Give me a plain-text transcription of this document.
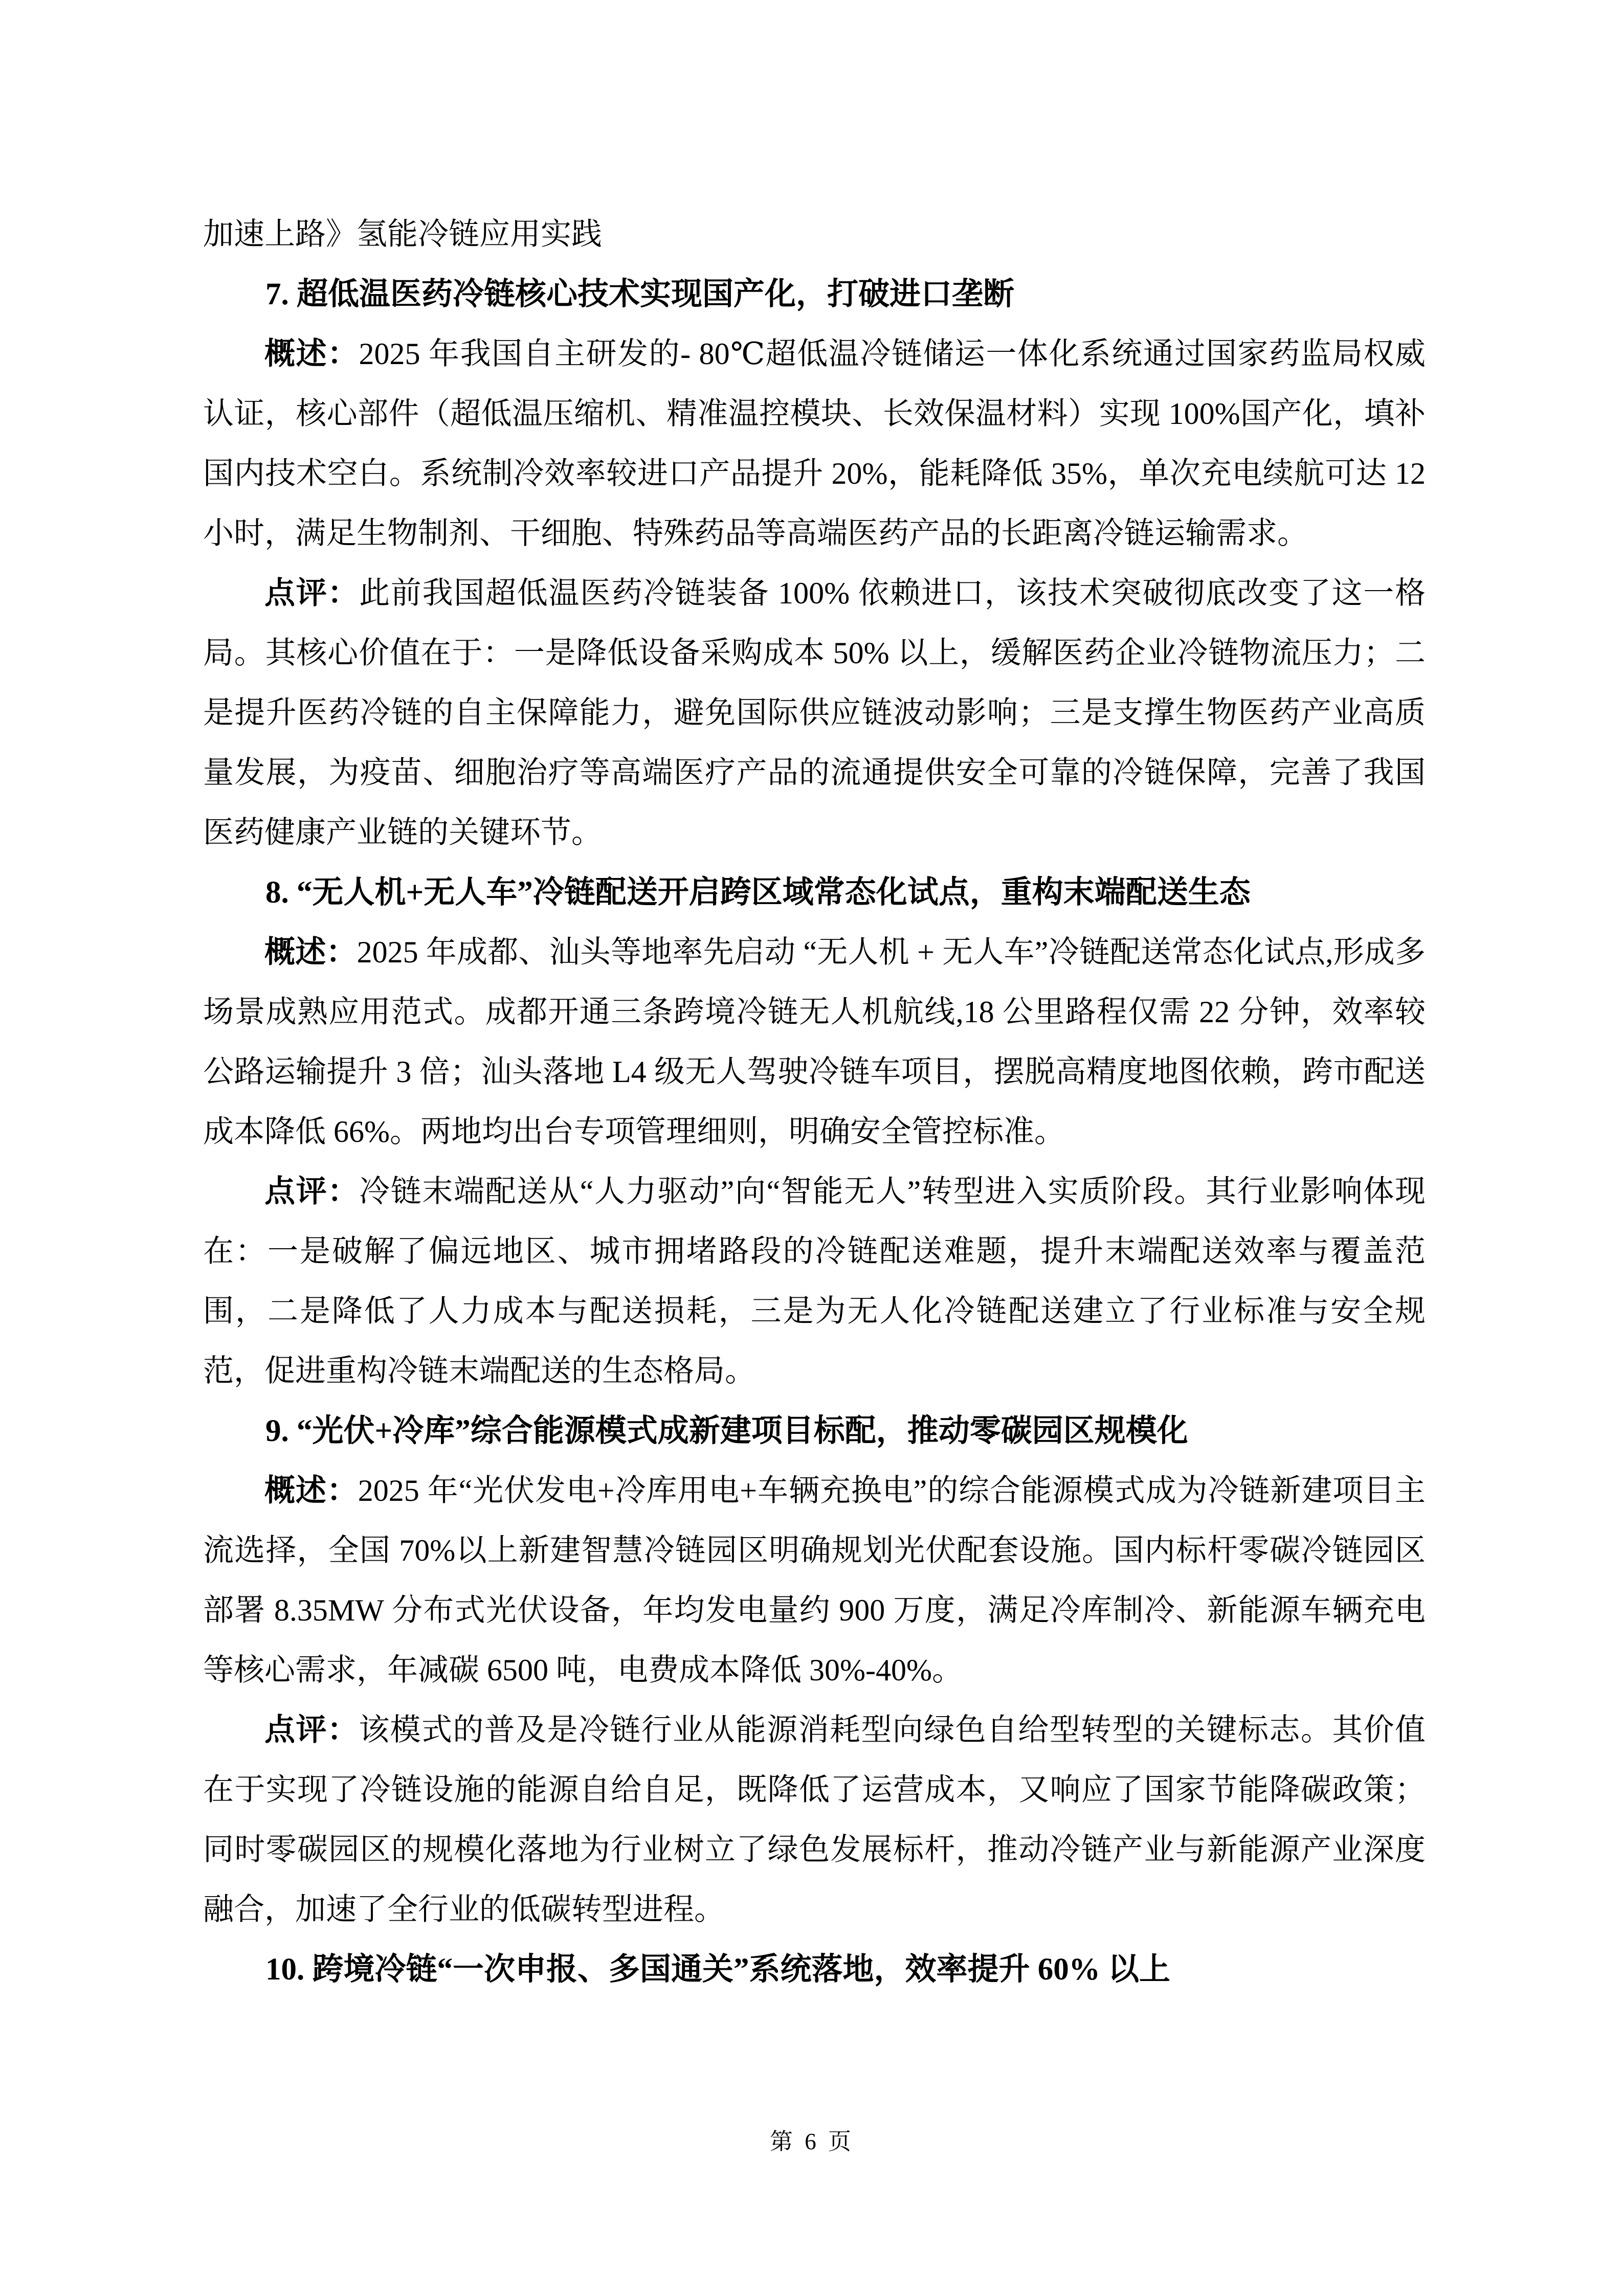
加速上路》氢能冷链应用实践

7. 超低温医药冷链核心技术实现国产化，打破进口垄断

概述：2025 年我国自主研发的- 80℃超低温冷链储运一体化系统通过国家药监局权威认证，核心部件（超低温压缩机、精准温控模块、长效保温材料）实现 100%国产化，填补国内技术空白。系统制冷效率较进口产品提升 20%，能耗降低 35%，单次充电续航可达 12 小时，满足生物制剂、干细胞、特殊药品等高端医药产品的长距离冷链运输需求。

点评：此前我国超低温医药冷链装备 100% 依赖进口，该技术突破彻底改变了这一格局。其核心价值在于：一是降低设备采购成本 50% 以上，缓解医药企业冷链物流压力；二是提升医药冷链的自主保障能力，避免国际供应链波动影响；三是支撑生物医药产业高质量发展，为疫苗、细胞治疗等高端医疗产品的流通提供安全可靠的冷链保障，完善了我国医药健康产业链的关键环节。

8. “无人机+无人车”冷链配送开启跨区域常态化试点，重构末端配送生态

概述：2025 年成都、汕头等地率先启动 “无人机 + 无人车”冷链配送常态化试点,形成多场景成熟应用范式。成都开通三条跨境冷链无人机航线,18 公里路程仅需 22 分钟，效率较公路运输提升 3 倍；汕头落地 L4 级无人驾驶冷链车项目，摆脱高精度地图依赖，跨市配送成本降低 66%。两地均出台专项管理细则，明确安全管控标准。

点评：冷链末端配送从“人力驱动”向“智能无人”转型进入实质阶段。其行业影响体现在：一是破解了偏远地区、城市拥堵路段的冷链配送难题，提升末端配送效率与覆盖范围，二是降低了人力成本与配送损耗，三是为无人化冷链配送建立了行业标准与安全规范，促进重构冷链末端配送的生态格局。

9. “光伏+冷库”综合能源模式成新建项目标配，推动零碳园区规模化

概述：2025 年“光伏发电+冷库用电+车辆充换电”的综合能源模式成为冷链新建项目主流选择，全国 70%以上新建智慧冷链园区明确规划光伏配套设施。国内标杆零碳冷链园区部署 8.35MW 分布式光伏设备，年均发电量约 900 万度，满足冷库制冷、新能源车辆充电等核心需求，年减碳 6500 吨，电费成本降低 30%-40%。

点评：该模式的普及是冷链行业从能源消耗型向绿色自给型转型的关键标志。其价值在于实现了冷链设施的能源自给自足，既降低了运营成本，又响应了国家节能降碳政策；同时零碳园区的规模化落地为行业树立了绿色发展标杆，推动冷链产业与新能源产业深度融合，加速了全行业的低碳转型进程。

10. 跨境冷链“一次申报、多国通关”系统落地，效率提升 60% 以上
第 6 页
